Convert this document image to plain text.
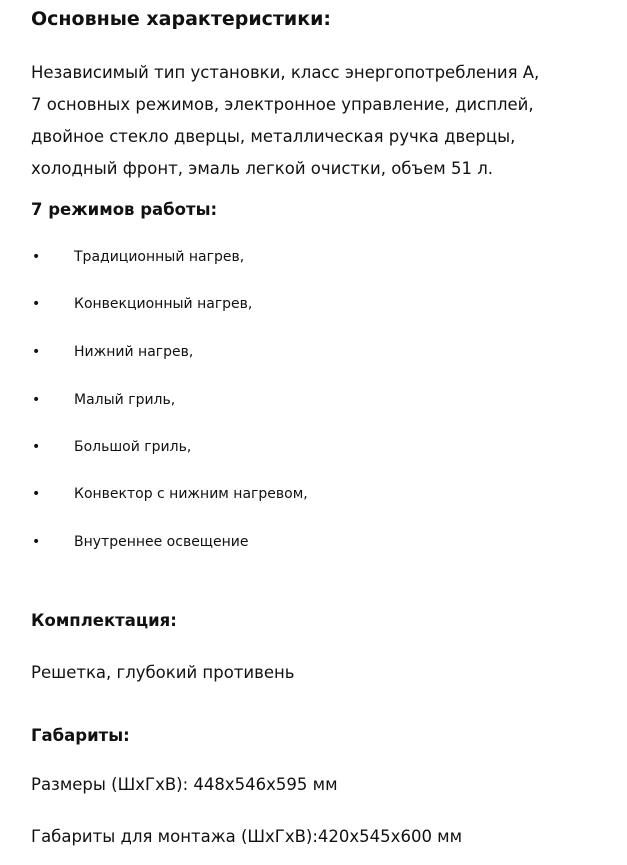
Основные характеристики:
Независимый тип установки, класс энергопотребления А,
7 основных режимов, электронное управление, дисплей,
двойное стекло дверцы, металлическая ручка дверцы,
холодный фронт, эмаль легкой очистки, объем 51 л.
7 режимов работы:
• Традиционный нагрев,
• Конвекционный нагрев,
• Нижний нагрев,
• Малый гриль,
• Большой гриль,
• Конвектор с нижним нагревом,
• Внутреннее освещение
Комплектация:
Решетка, глубокий противень
Габариты:
Размеры (ШхГхВ): 448x546x595 мм
Габариты для монтажа (ШхГхВ):420x545x600 мм
